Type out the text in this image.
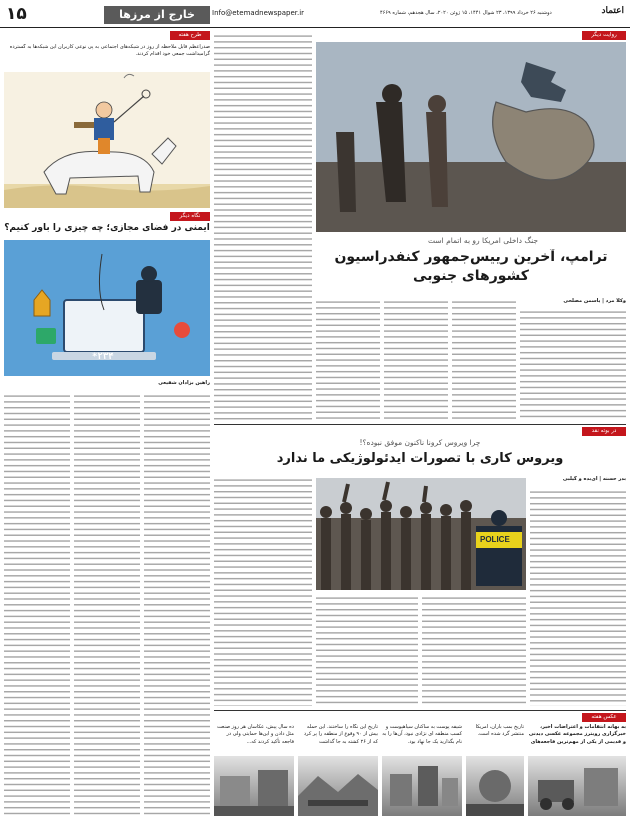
۱۵	خارج از مرزها	Info@etemadnewspaper.ir	دوشنبه ۲۶ خرداد ۱۳۹۹، ۲۳ شوال ۱۴۴۱، ۱۵ ژوئن ۲۰۲۰، سال هجدهم، شماره ۴۶۶۹	اعتماد
طرح هفته
صدراعظم قابل ملاحظه از روز در شبکه‌های اجتماعی به پی نوعی کاربران این شبکه‌ها به گسترده گرامیداشت جمعی خود اقدام کردند.
نگاه دیگر
ایمنی در فضای مجازی؛ چه چیزی را باور کنیم؟
*۲۳۴
راهین بزادان شفیعی
روایت دیگر
جنگ داخلی امریکا رو به اتمام است
ترامپ، آخرین رییس‌جمهور کنفدراسیون
کشورهای جنوبی
وکلا مرد | یاسمن مصلحی
در بوته نقد
چرا ویروس کرونا ناکنون موفق نبوده؟!
ویروس کاری با تصورات ایدئولوژیکی ما ندارد
بدر حسنه | آی‌بده و گیلبی
POLICE
عکس هفته
ده سال پیش، عکاسان هر روز صنعت مثل دادن و این‌ها حمایتی ولی در فاجعه تأکید کردند که...
تاریخ این نگاه را ساختند. این حمله بیش از ۹۰ وقوع از منطقه را پر کرد که از ۲۶ کشته به جا گذاشت
شیفه پوست به ساکنان سیاهپوست و کسب منطقه ای نژادی نبود، آن‌ها را به نام بگذارید یک جا نهاد بود.
تاریخ بمب باران، امریکا منتشر گرد شده است.
به بهانه انتقامات و اعتراضات اخیر، خبرگزاری رویترز مجموعه عکسی دیدنی و قدیمی از یکی از مهم‌ترین فاجعه‌های
